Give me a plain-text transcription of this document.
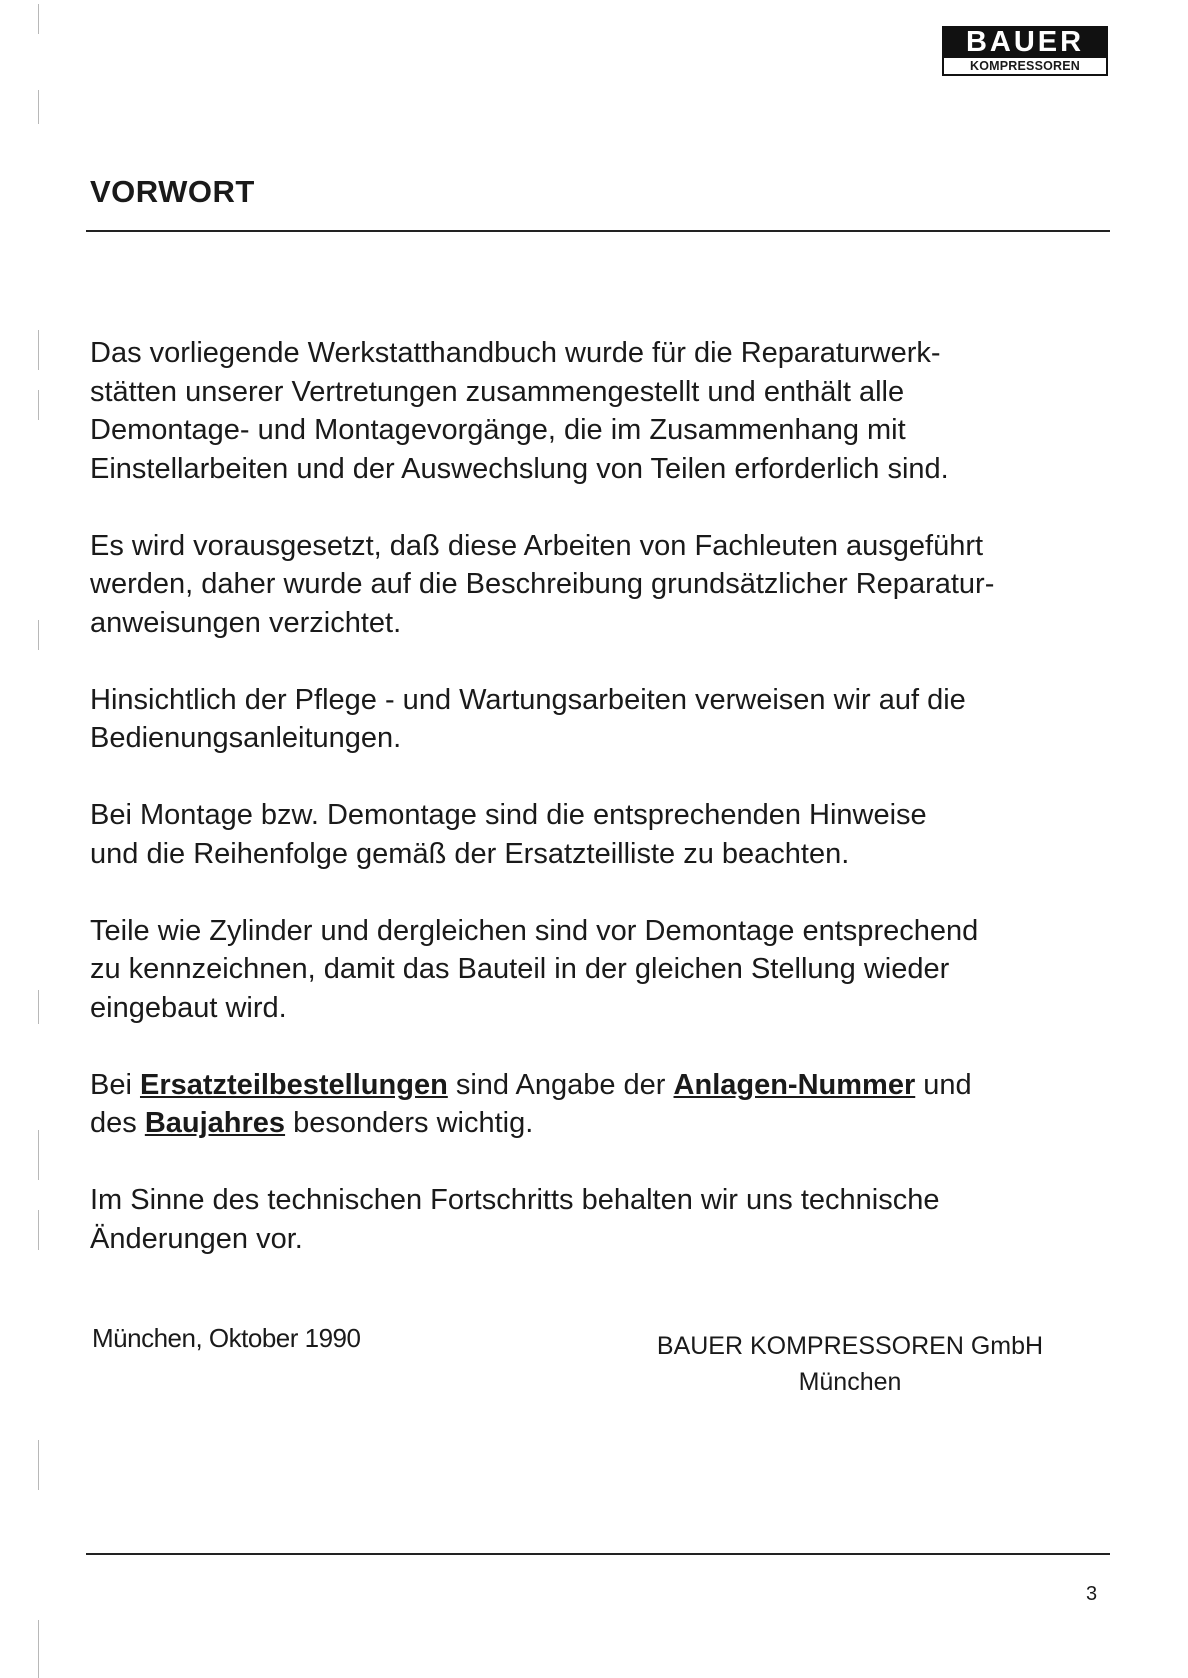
BAUER
KOMPRESSOREN
VORWORT

Das vorliegende Werkstatthandbuch wurde für die Reparaturwerk-
stätten unserer Vertretungen zusammengestellt und enthält alle
Demontage- und Montagevorgänge, die im Zusammenhang mit
Einstellarbeiten und der Auswechslung von Teilen erforderlich sind.

Es wird vorausgesetzt, daß diese Arbeiten von Fachleuten ausgeführt
werden, daher wurde auf die Beschreibung grundsätzlicher Reparatur-
anweisungen verzichtet.

Hinsichtlich der Pflege - und Wartungsarbeiten verweisen wir auf die
Bedienungsanleitungen.

Bei Montage bzw. Demontage sind die entsprechenden Hinweise
und die Reihenfolge gemäß der Ersatzteilliste zu beachten.

Teile wie Zylinder und dergleichen sind vor Demontage entsprechend
zu kennzeichnen, damit das Bauteil in der gleichen Stellung wieder
eingebaut wird.

Bei Ersatzteilbestellungen sind Angabe der Anlagen-Nummer und
des Baujahres besonders wichtig.

Im Sinne des technischen Fortschritts behalten wir uns technische
Änderungen vor.

München, Oktober 1990	BAUER KOMPRESSOREN GmbH
München
3
